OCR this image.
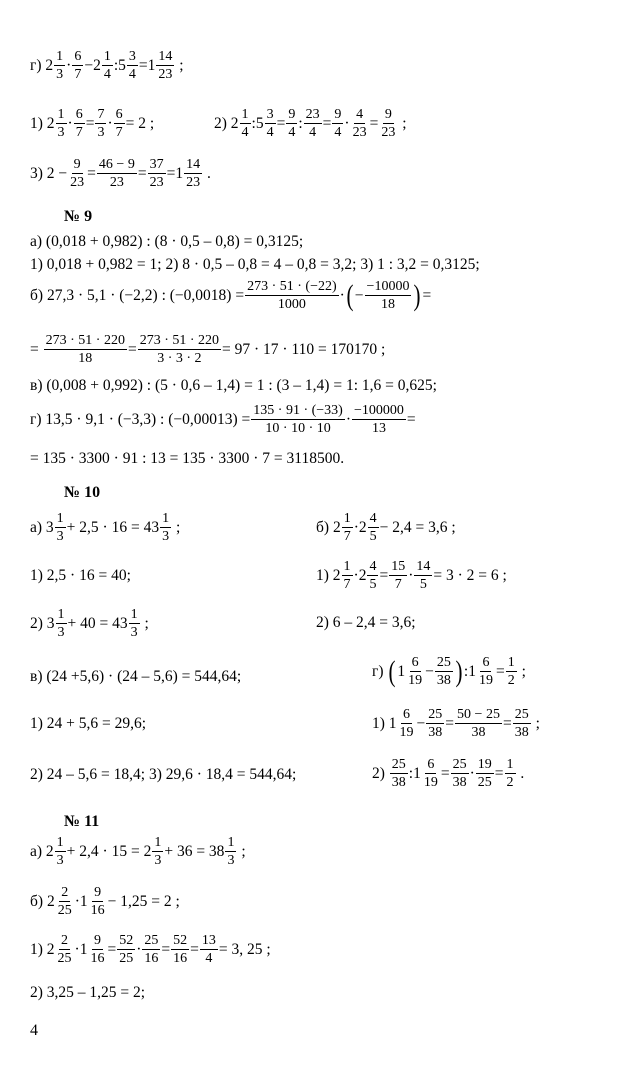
г)
$2 \frac{1}{3} \cdot \frac{6}{7} - 2 \frac{1}{4}$ : $5 \frac{3}{4} = 1 \frac{14}{23}$
;
1)
$2 \frac{1}{3} \cdot \frac{6}{7} = \frac{7}{3} \cdot \frac{6}{7} = 2$ ;	2)
$2 \frac{1}{4}$ : $5 \frac{3}{4} = \frac{9}{4}$ : $\frac{23}{4} = \frac{9}{4} \cdot \frac{4}{23} = \frac{9}{23}$
;
3)
$2 - \frac{9}{23} = \frac{46 - 9}{23} = \frac{37}{23} = 1 \frac{14}{23}$
.
№ 9
а) (0,018 + 0,982) : (8 · 0,5 – 0,8) = 0,3125;
1) 0,018 + 0,982 = 1; 2) 8 · 0,5 – 0,8 = 4 – 0,8 = 3,2; 3) 1 : 3,2 = 0,3125;
б)
27,3 · 5,1 · (−2,2) : $(-0,0018) = \frac{273 \cdot 51 \cdot (-22)}{1000}$ · ( − $\frac{-10000}{18}$ ) =
=
$\frac{273 \cdot 51 \cdot 220}{18} = \frac{273 \cdot 51 \cdot 220}{3 \cdot 3 \cdot 2} = 97 \cdot 17 \cdot 110 = 170170$ ;
в) (0,008 + 0,992) : (5 · 0,6 – 1,4) = 1 : (3 – 1,4) = 1: 1,6 = 0,625;
г)
13,5 · 9,1 · (−3,3) : $(-0,00013) = \frac{135 \cdot 91 \cdot (-33)}{10 \cdot 10 \cdot 10} \cdot \frac{-100000}{13}$ =
= 135 · 3300 · 91 : 13 = 135 · 3300 · 7 = 3118500.
№ 10
а)
$3 \frac{1}{3} + 2,5 \cdot 16 = 43 \frac{1}{3}$
;	б)
$2 \frac{1}{7} \cdot 2 \frac{4}{5} - 2,4 = 3,6$ ;
1) 2,5 · 16 = 40;	1)
$2 \frac{1}{7} \cdot 2 \frac{4}{5} = \frac{15}{7} \cdot \frac{14}{5} = 3 \cdot 2 = 6$ ;
2)
$3 \frac{1}{3} + 40 = 43 \frac{1}{3}$
;	2) 6 – 2,4 = 3,6;
в) (24 +5,6) · (24 – 5,6) = 544,64;	г)
( $1 \frac{6}{19} - \frac{25}{38}$ ) : $1 \frac{6}{19} = \frac{1}{2}$
;
1) 24 + 5,6 = 29,6;	1)
$1 \frac{6}{19} - \frac{25}{38} = \frac{50 - 25}{38} = \frac{25}{38}$
;
2) 24 – 5,6 = 18,4; 3) 29,6 · 18,4 = 544,64;	2)
$\frac{25}{38}$ : $1 \frac{6}{19} = \frac{25}{38} \cdot \frac{19}{25} = \frac{1}{2}$
.
№ 11
а)
$2 \frac{1}{3} + 2,4 \cdot 15 = 2 \frac{1}{3} + 36 = 38 \frac{1}{3}$
;
б)
$2 \frac{2}{25} \cdot 1 \frac{9}{16} - 1,25 = 2$ ;
1)
$2 \frac{2}{25} \cdot 1 \frac{9}{16} = \frac{52}{25} \cdot \frac{25}{16} = \frac{52}{16} = \frac{13}{4} = 3$, 25 ;
2) 3,25 – 1,25 = 2;
4
